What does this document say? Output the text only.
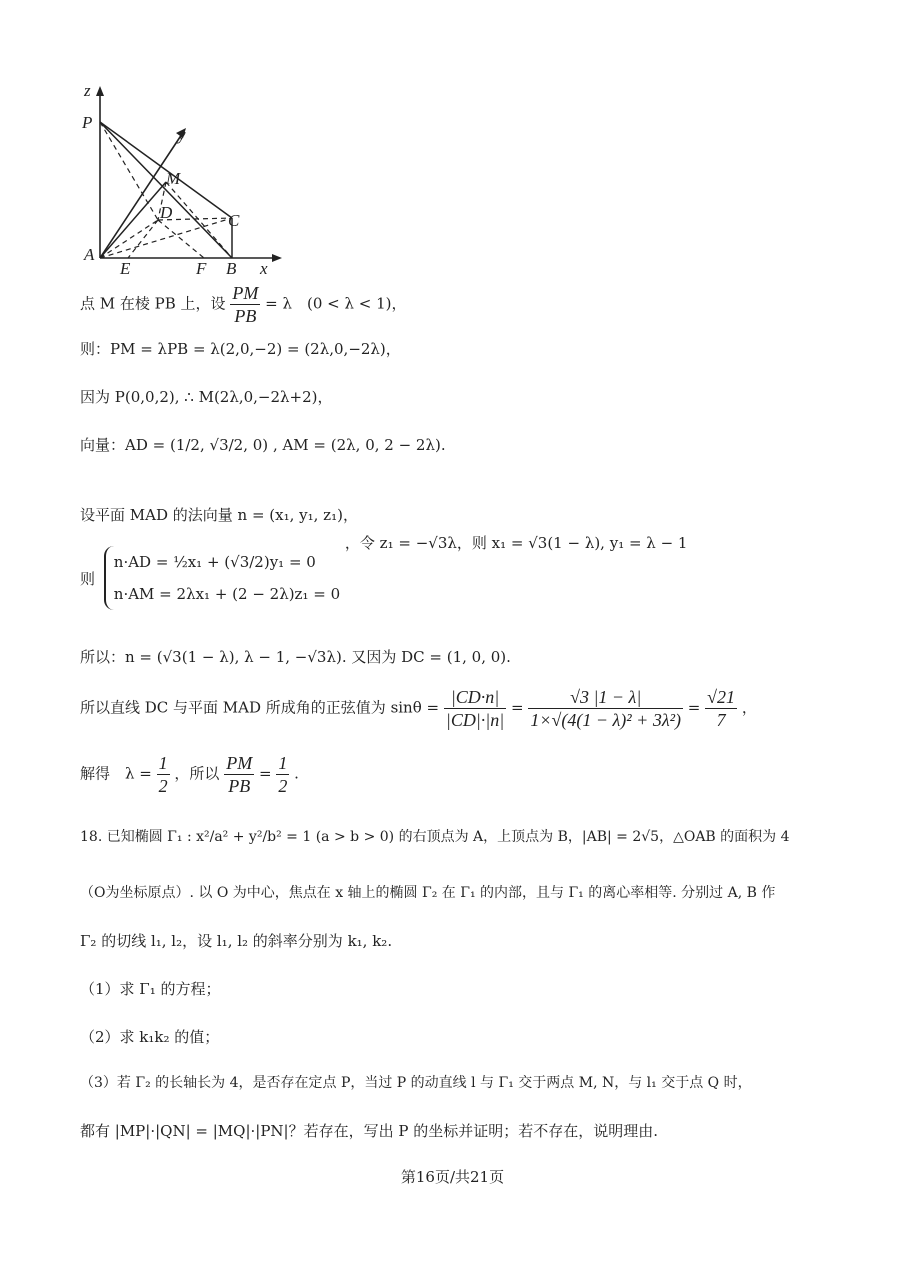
z
P
y
M
D	C
A
E	F B x
点 M 在棱 PB 上，设 $\frac{PM}{PB} = \lambda$　(0 < λ < 1)，
则：PM = λPB = λ(2,0,−2) = (2λ,0,−2λ)，
因为 P(0,0,2), ∴ M(2λ,0,−2λ+2)，
向量：AD = (1/2, √3/2, 0) , AM = (2λ, 0, 2 − 2λ).
设平面 MAD 的法向量 n = (x₁, y₁, z₁)，
则
n·AD = ½x₁ + (√3/2)y₁ = 0
n·AM = 2λx₁ + (2 − 2λ)z₁ = 0
，令 z₁ = −√3λ，则 x₁ = √3(1 − λ), y₁ = λ − 1
所以：n = (√3(1 − λ), λ − 1, −√3λ). 又因为 DC = (1, 0, 0).
所以直线 DC 与平面 MAD 所成角的正弦值为 $\sin\theta = \frac{|CD\cdot n|}{|CD|\cdot|n|} = \frac{√3 |1 - \lambda|}{\text{1×√(4(1 − λ)² + 3λ²)}} = \frac{√21}{7}$ ，
解得　$\lambda = \frac{1}{2}$ ，所以 $\frac{PM}{PB} = \frac{1}{2}$ .
18. 已知椭圆 Γ₁ : x²/a² + y²/b² = 1 (a > b > 0) 的右顶点为 A，上顶点为 B，|AB| = 2√5，△OAB 的面积为 4
（O为坐标原点）. 以 O 为中心，焦点在 x 轴上的椭圆 Γ₂ 在 Γ₁ 的内部，且与 Γ₁ 的离心率相等. 分别过 A, B 作
Γ₂ 的切线 l₁, l₂，设 l₁, l₂ 的斜率分别为 k₁, k₂.
（1）求 Γ₁ 的方程；
（2）求 k₁k₂ 的值；
（3）若 Γ₂ 的长轴长为 4，是否存在定点 P，当过 P 的动直线 l 与 Γ₁ 交于两点 M, N，与 l₁ 交于点 Q 时，
都有 |MP|·|QN| = |MQ|·|PN|？若存在，写出 P 的坐标并证明；若不存在，说明理由.
第16页/共21页
